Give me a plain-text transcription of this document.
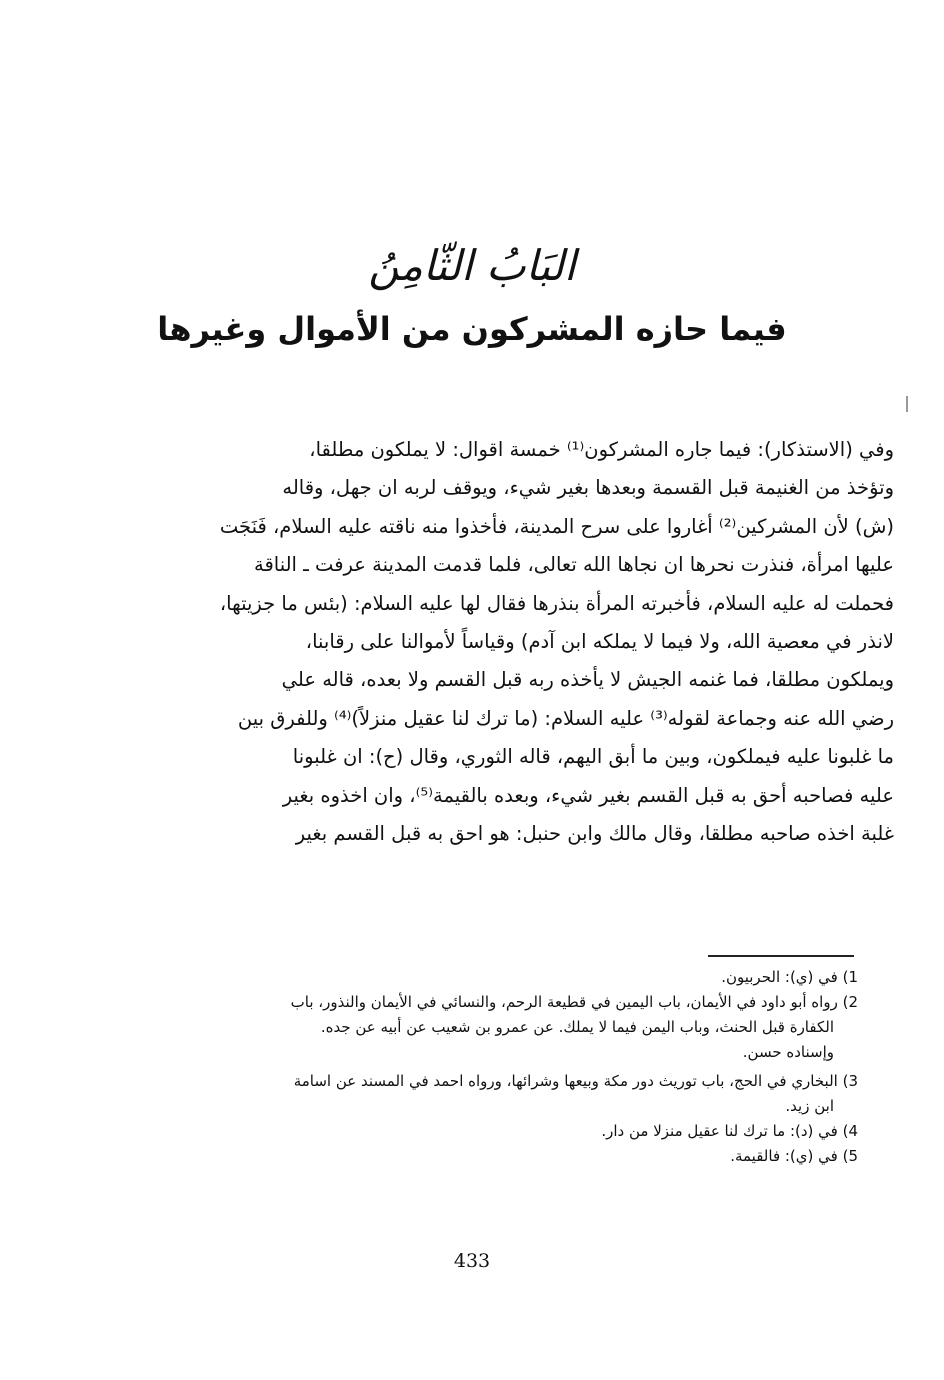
البَابُ الثّامِنُ
فيما حازه المشركون من الأموال وغيرها
وفي (الاستذكار): فيما جاره المشركون⁽¹⁾ خمسة اقوال: لا يملكون مطلقا،
وتؤخذ من الغنيمة قبل القسمة وبعدها بغير شيء، ويوقف لربه ان جهل، وقاله
(ش) لأن المشركين⁽²⁾ أغاروا على سرح المدينة، فأخذوا منه ناقته عليه السلام، فَنَجَت
عليها امرأة، فنذرت نحرها ان نجاها الله تعالى، فلما قدمت المدينة عرفت ـ الناقة
فحملت له عليه السلام، فأخبرته المرأة بنذرها فقال لها عليه السلام: (بئس ما جزيتها،
لانذر في معصية الله، ولا فيما لا يملكه ابن آدم) وقياساً لأموالنا على رقابنا،
ويملكون مطلقا، فما غنمه الجيش لا يأخذه ربه قبل القسم ولا بعده، قاله علي
رضي الله عنه وجماعة لقوله⁽³⁾ عليه السلام: (ما ترك لنا عقيل منزلاً)⁽⁴⁾ وللفرق بين
ما غلبونا عليه فيملكون، وبين ما أبق اليهم، قاله الثوري، وقال (ح): ان غلبونا
عليه فصاحبه أحق به قبل القسم بغير شيء، وبعده بالقيمة⁽⁵⁾، وان اخذوه بغير
غلبة اخذه صاحبه مطلقا، وقال مالك وابن حنبل: هو احق به قبل القسم بغير
1) في (ي): الحربيون.
2) رواه أبو داود في الأيمان، باب اليمين في قطيعة الرحم، والنسائي في الأيمان والنذور، باب
الكفارة قبل الحنث، وباب اليمن فيما لا يملك. عن عمرو بن شعيب عن أبيه عن جده.
وإسناده حسن.
3) البخاري في الحج، باب توريث دور مكة وبيعها وشرائها، ورواه احمد في المسند عن اسامة
ابن زيد.
4) في (د): ما ترك لنا عقيل منزلا من دار.
5) في (ي): فالقيمة.
433
